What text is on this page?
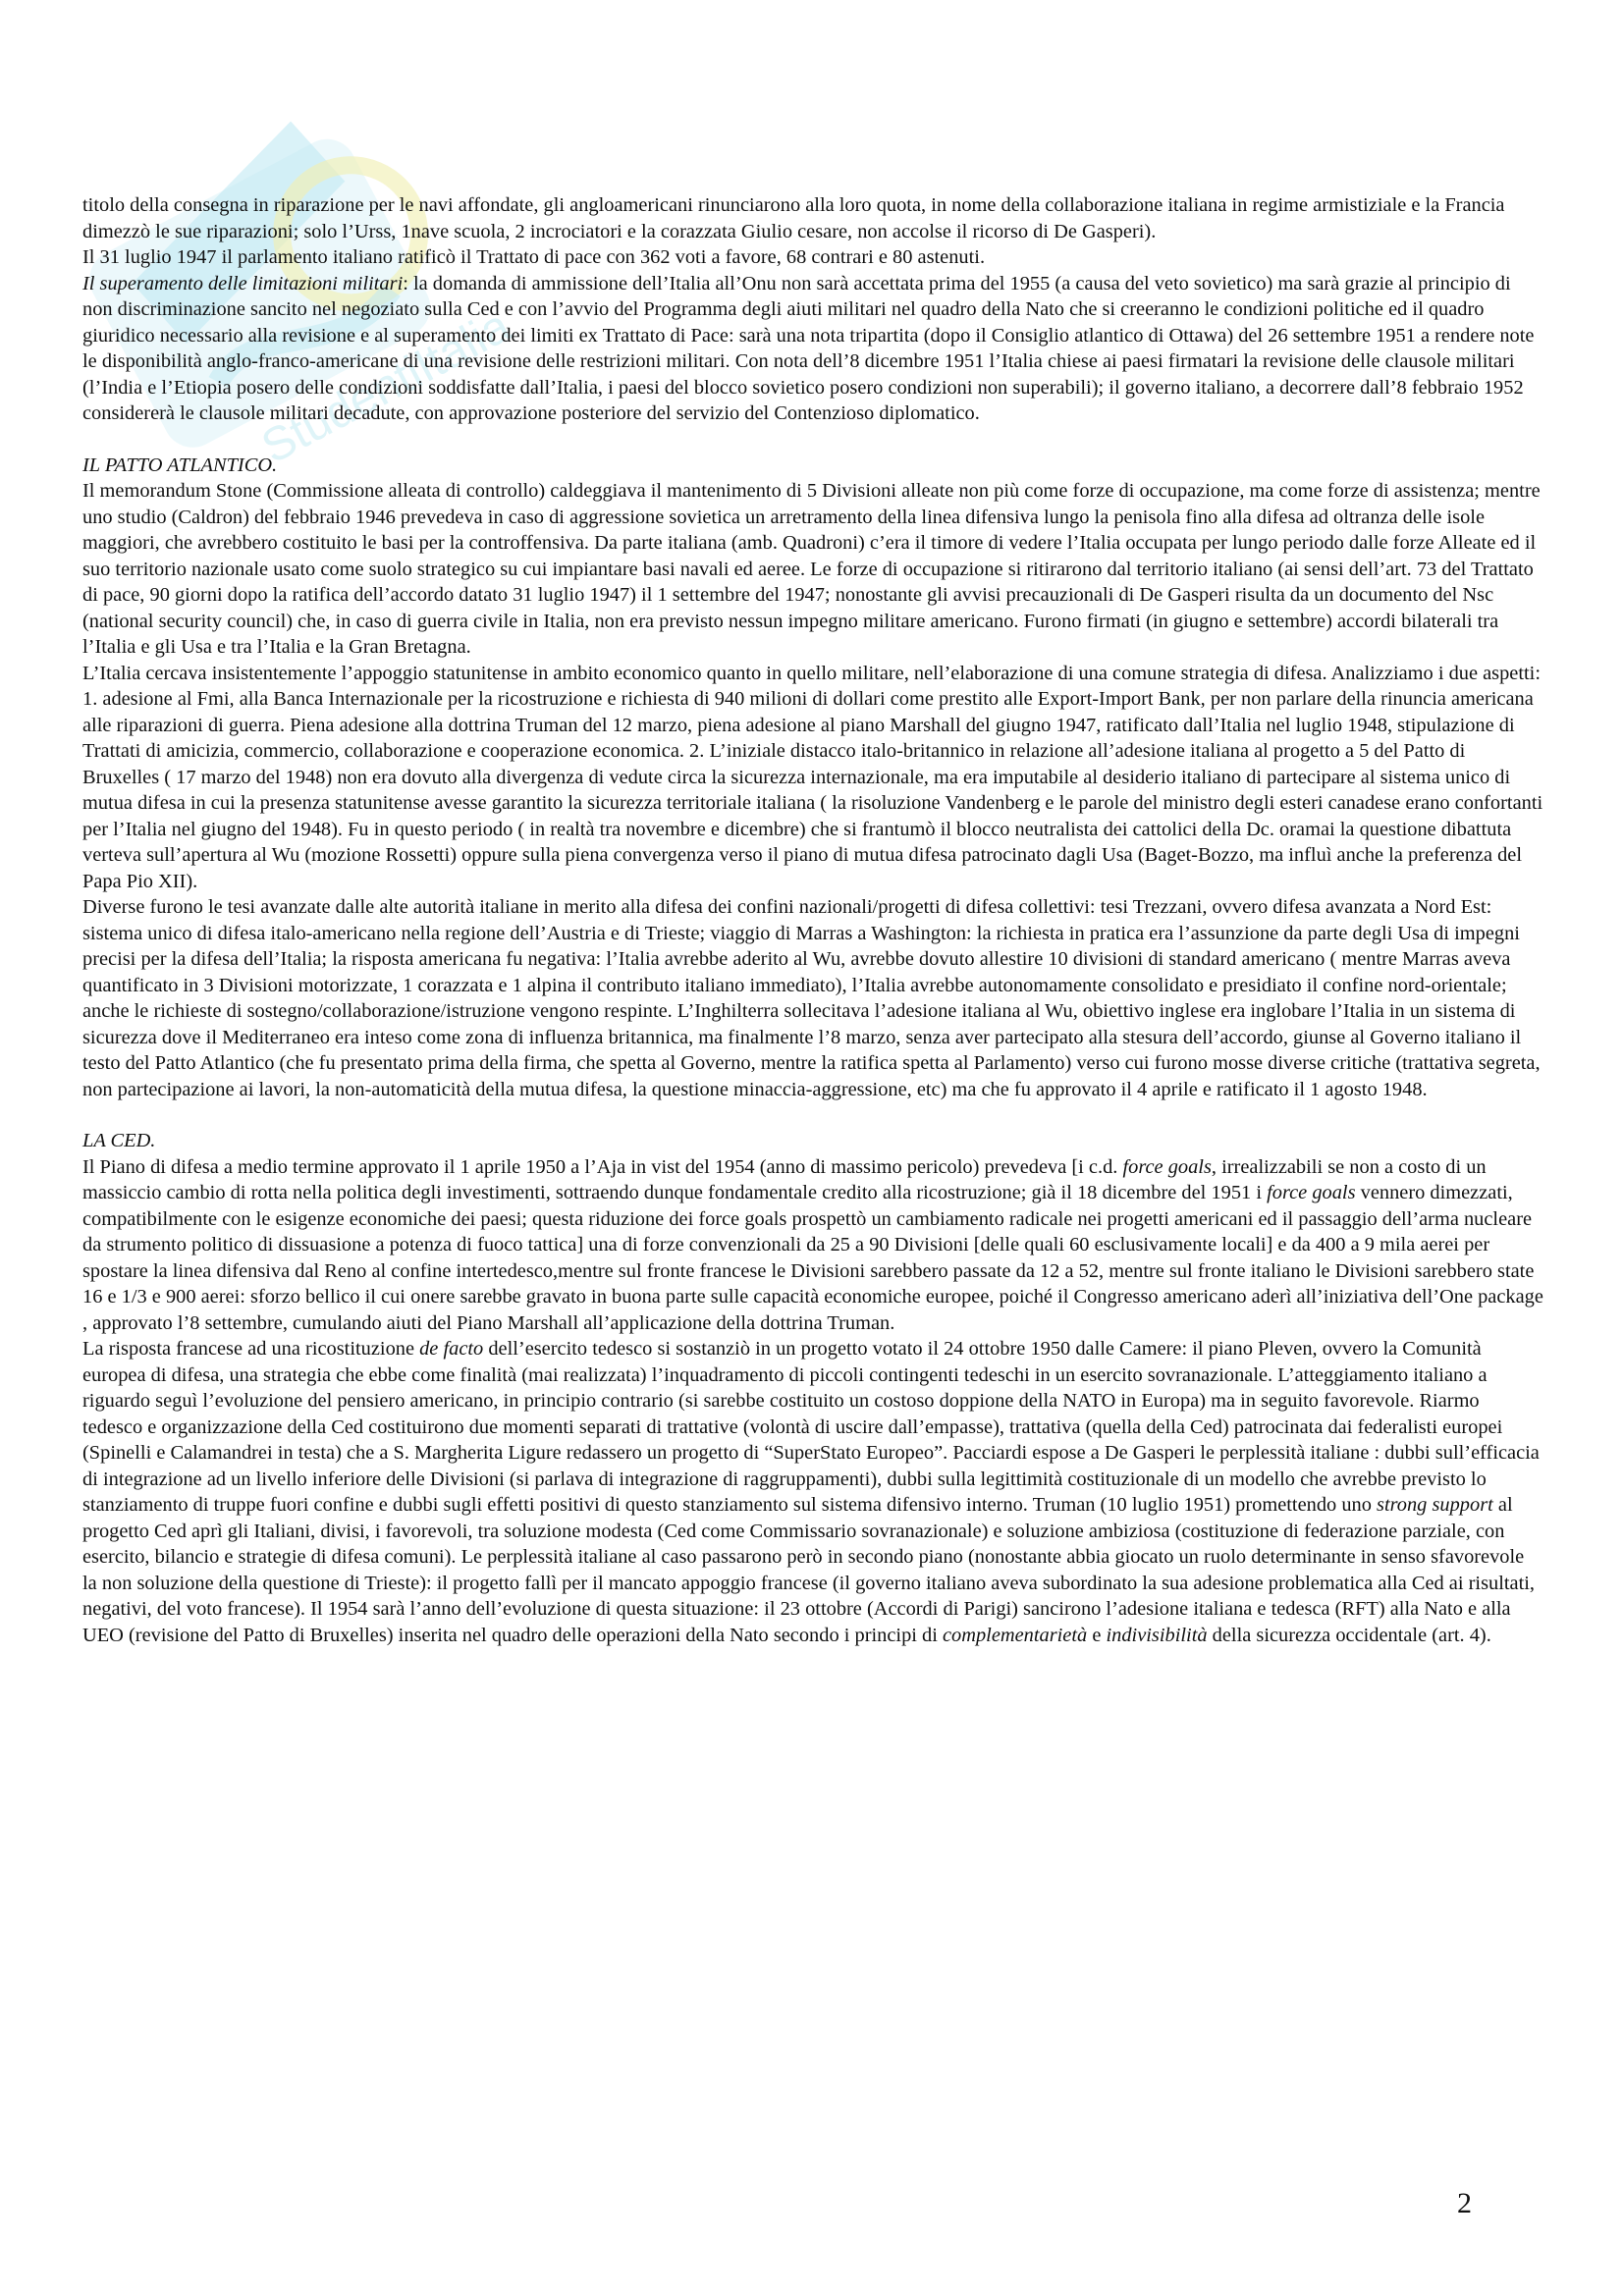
StudentiItalia

titolo della consegna in riparazione per le navi affondate, gli angloamericani rinunciarono alla loro quota, in nome della collaborazione italiana in regime armistiziale e la Francia dimezzò le sue riparazioni; solo l’Urss, 1nave scuola, 2 incrociatori e la corazzata Giulio cesare, non accolse il ricorso di De Gasperi).

Il 31 luglio 1947 il parlamento italiano ratificò il Trattato di pace con 362 voti a favore, 68 contrari e 80 astenuti.

Il superamento delle limitazioni militari: la domanda di ammissione dell’Italia all’Onu non sarà accettata prima del 1955 (a causa del veto sovietico) ma sarà grazie al principio di non discriminazione sancito nel negoziato sulla Ced e con l’avvio del Programma degli aiuti militari nel quadro della Nato che si creeranno le condizioni politiche ed il quadro giuridico necessario alla revisione e al superamento dei limiti ex Trattato di Pace: sarà una nota tripartita (dopo il Consiglio atlantico di Ottawa) del 26 settembre 1951 a rendere note le disponibilità anglo-franco-americane di una revisione delle restrizioni militari. Con nota dell’8 dicembre 1951 l’Italia chiese ai paesi firmatari la revisione delle clausole militari (l’India e l’Etiopia posero delle condizioni soddisfatte dall’Italia, i paesi del blocco sovietico posero condizioni non superabili); il governo italiano, a decorrere dall’8 febbraio 1952 considererà le clausole militari decadute, con approvazione posteriore del servizio del Contenzioso diplomatico.

IL PATTO ATLANTICO.

Il memorandum Stone (Commissione alleata di controllo) caldeggiava il mantenimento di 5 Divisioni alleate non più come forze di occupazione, ma come forze di assistenza; mentre uno studio (Caldron) del febbraio 1946 prevedeva in caso di aggressione sovietica un arretramento della linea difensiva lungo la penisola fino alla difesa ad oltranza delle isole maggiori, che avrebbero costituito le basi per la controffensiva. Da parte italiana (amb. Quadroni) c’era il timore di vedere l’Italia occupata per lungo periodo dalle forze Alleate ed il suo territorio nazionale usato come suolo strategico su cui impiantare basi navali ed aeree. Le forze di occupazione si ritirarono dal territorio italiano (ai sensi dell’art. 73 del Trattato di pace, 90 giorni dopo la ratifica dell’accordo datato 31 luglio 1947) il 1 settembre del 1947; nonostante gli avvisi precauzionali di De Gasperi risulta da un documento del Nsc (national security council) che, in caso di guerra civile in Italia, non era previsto nessun impegno militare americano. Furono firmati (in giugno e settembre) accordi bilaterali tra l’Italia e gli Usa e tra l’Italia e la Gran Bretagna.

L’Italia cercava insistentemente l’appoggio statunitense in ambito economico quanto in quello militare, nell’elaborazione di una comune strategia di difesa. Analizziamo i due aspetti: 1. adesione al Fmi, alla Banca Internazionale per la ricostruzione e richiesta di 940 milioni di dollari come prestito alle Export-Import Bank, per non parlare della rinuncia americana alle riparazioni di guerra. Piena adesione alla dottrina Truman del 12 marzo, piena adesione al piano Marshall del giugno 1947, ratificato dall’Italia nel luglio 1948, stipulazione di Trattati di amicizia, commercio, collaborazione e cooperazione economica. 2. L’iniziale distacco italo-britannico in relazione all’adesione italiana al progetto a 5 del Patto di Bruxelles ( 17 marzo del 1948) non era dovuto alla divergenza di vedute circa la sicurezza internazionale, ma era imputabile al desiderio italiano di partecipare al sistema unico di mutua difesa in cui la presenza statunitense avesse garantito la sicurezza territoriale italiana ( la risoluzione Vandenberg e le parole del ministro degli esteri canadese erano confortanti per l’Italia nel giugno del 1948). Fu in questo periodo ( in realtà tra novembre e dicembre) che si frantumò il blocco neutralista dei cattolici della Dc. oramai la questione dibattuta verteva sull’apertura al Wu (mozione Rossetti) oppure sulla piena convergenza verso il piano di mutua difesa patrocinato dagli Usa (Baget-Bozzo, ma influì anche la preferenza del Papa Pio XII).

Diverse furono le tesi avanzate dalle alte autorità italiane in merito alla difesa dei confini nazionali/progetti di difesa collettivi: tesi Trezzani, ovvero difesa avanzata a Nord Est: sistema unico di difesa italo-americano nella regione dell’Austria e di Trieste; viaggio di Marras a Washington: la richiesta in pratica era l’assunzione da parte degli Usa di impegni precisi per la difesa dell’Italia; la risposta americana fu negativa: l’Italia avrebbe aderito al Wu, avrebbe dovuto allestire 10 divisioni di standard americano ( mentre Marras aveva quantificato in 3 Divisioni motorizzate, 1 corazzata e 1 alpina il contributo italiano immediato), l’Italia avrebbe autonomamente consolidato e presidiato il confine nord-orientale; anche le richieste di sostegno/collaborazione/istruzione vengono respinte. L’Inghilterra sollecitava l’adesione italiana al Wu, obiettivo inglese era inglobare l’Italia in un sistema di sicurezza dove il Mediterraneo era inteso come zona di influenza britannica, ma finalmente l’8 marzo, senza aver partecipato alla stesura dell’accordo, giunse al Governo italiano il testo del Patto Atlantico (che fu presentato prima della firma, che spetta al Governo, mentre la ratifica spetta al Parlamento) verso cui furono mosse diverse critiche (trattativa segreta, non partecipazione ai lavori, la non-automaticità della mutua difesa, la questione minaccia-aggressione, etc) ma che fu approvato il 4 aprile e ratificato il 1 agosto 1948.

LA CED.

Il Piano di difesa a medio termine approvato il 1 aprile 1950 a l’Aja in vist del 1954 (anno di massimo pericolo) prevedeva [i c.d. force goals, irrealizzabili se non a costo di un massiccio cambio di rotta nella politica degli investimenti, sottraendo dunque fondamentale credito alla ricostruzione; già il 18 dicembre del 1951 i force goals vennero dimezzati, compatibilmente con le esigenze economiche dei paesi; questa riduzione dei force goals prospettò un cambiamento radicale nei progetti americani ed il passaggio dell’arma nucleare da strumento politico di dissuasione a potenza di fuoco tattica] una di forze convenzionali da 25 a 90 Divisioni [delle quali 60 esclusivamente locali] e da 400 a 9 mila aerei per spostare la linea difensiva dal Reno al confine intertedesco,mentre sul fronte francese le Divisioni sarebbero passate da 12 a 52, mentre sul fronte italiano le Divisioni sarebbero state 16 e 1/3 e 900 aerei: sforzo bellico il cui onere sarebbe gravato in buona parte sulle capacità economiche europee, poiché il Congresso americano aderì all’iniziativa dell’One package , approvato l’8 settembre, cumulando aiuti del Piano Marshall all’applicazione della dottrina Truman.

La risposta francese ad una ricostituzione de facto dell’esercito tedesco si sostanziò in un progetto votato il 24 ottobre 1950 dalle Camere: il piano Pleven, ovvero la Comunità europea di difesa, una strategia che ebbe come finalità (mai realizzata) l’inquadramento di piccoli contingenti tedeschi in un esercito sovranazionale. L’atteggiamento italiano a riguardo seguì l’evoluzione del pensiero americano, in principio contrario (si sarebbe costituito un costoso doppione della NATO in Europa) ma in seguito favorevole. Riarmo tedesco e organizzazione della Ced costituirono due momenti separati di trattative (volontà di uscire dall’empasse), trattativa (quella della Ced) patrocinata dai federalisti europei (Spinelli e Calamandrei in testa) che a S. Margherita Ligure redassero un progetto di “SuperStato Europeo”. Pacciardi espose a De Gasperi le perplessità italiane : dubbi sull’efficacia di integrazione ad un livello inferiore delle Divisioni (si parlava di integrazione di raggruppamenti), dubbi sulla legittimità costituzionale di un modello che avrebbe previsto lo stanziamento di truppe fuori confine e dubbi sugli effetti positivi di questo stanziamento sul sistema difensivo interno. Truman (10 luglio 1951) promettendo uno strong support al progetto Ced aprì gli Italiani, divisi, i favorevoli, tra soluzione modesta (Ced come Commissario sovranazionale) e soluzione ambiziosa (costituzione di federazione parziale, con esercito, bilancio e strategie di difesa comuni). Le perplessità italiane al caso passarono però in secondo piano (nonostante abbia giocato un ruolo determinante in senso sfavorevole la non soluzione della questione di Trieste): il progetto fallì per il mancato appoggio francese (il governo italiano aveva subordinato la sua adesione problematica alla Ced ai risultati, negativi, del voto francese). Il 1954 sarà l’anno dell’evoluzione di questa situazione: il 23 ottobre (Accordi di Parigi) sancirono l’adesione italiana e tedesca (RFT) alla Nato e alla UEO (revisione del Patto di Bruxelles) inserita nel quadro delle operazioni della Nato secondo i principi di complementarietà e indivisibilità della sicurezza occidentale (art. 4).

2
